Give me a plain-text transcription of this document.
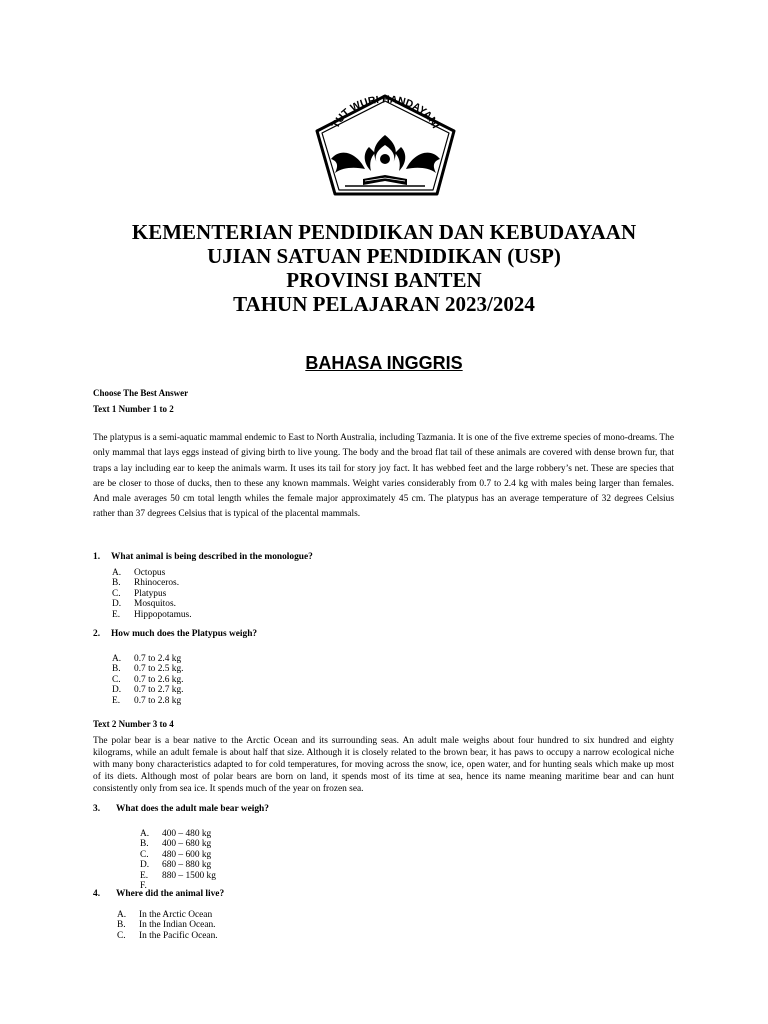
TUT WURI HANDAYANI
KEMENTERIAN PENDIDIKAN DAN KEBUDAYAAN
UJIAN SATUAN PENDIDIKAN (USP)
PROVINSI BANTEN
TAHUN PELAJARAN 2023/2024
BAHASA INGGRIS
Choose The Best Answer
Text 1 Number 1 to 2
The platypus is a semi-aquatic mammal endemic to East to North Australia, including Tazmania. It is one of the five extreme species of mono-dreams. The only mammal that lays eggs instead of giving birth to live young. The body and the broad flat tail of these animals are covered with dense brown fur, that traps a lay including ear to keep the animals warm. It uses its tail for story joy fact. It has webbed feet and the large robbery’s net. These are species that are be closer to those of ducks, then to these any known mammals. Weight varies considerably from 0.7 to 2.4 kg with males being larger than females. And male averages 50 cm total length whiles the female major approximately 45 cm. The platypus has an average temperature of 32 degrees Celsius rather than 37 degrees Celsius that is typical of the placental mammals.
1. What animal is being described in the monologue?
A. Octopus
B. Rhinoceros.
C. Platypus
D. Mosquitos.
E. Hippopotamus.
2. How much does the Platypus weigh?
A. 0.7 to 2.4 kg
B. 0.7 to 2.5 kg.
C. 0.7 to 2.6 kg.
D. 0.7 to 2.7 kg.
E. 0.7 to 2.8 kg
Text 2 Number 3 to 4
The polar bear is a bear native to the Arctic Ocean and its surrounding seas. An adult male weighs about four hundred to six hundred and eighty kilograms, while an adult female is about half that size. Although it is closely related to the brown bear, it has paws to occupy a narrow ecological niche with many bony characteristics adapted to for cold temperatures, for moving across the snow, ice, open water, and for hunting seals which make up most of its diets. Although most of polar bears are born on land, it spends most of its time at sea, hence its name meaning maritime bear and can hunt consistently only from sea ice. It spends much of the year on frozen sea.
3. What does the adult male bear weigh?
A. 400 – 480 kg
B. 400 – 680 kg
C. 480 – 600 kg
D. 680 – 880 kg
E. 880 – 1500 kg
F.
4. Where did the animal live?
A. In the Arctic Ocean
B. In the Indian Ocean.
C. In the Pacific Ocean.
